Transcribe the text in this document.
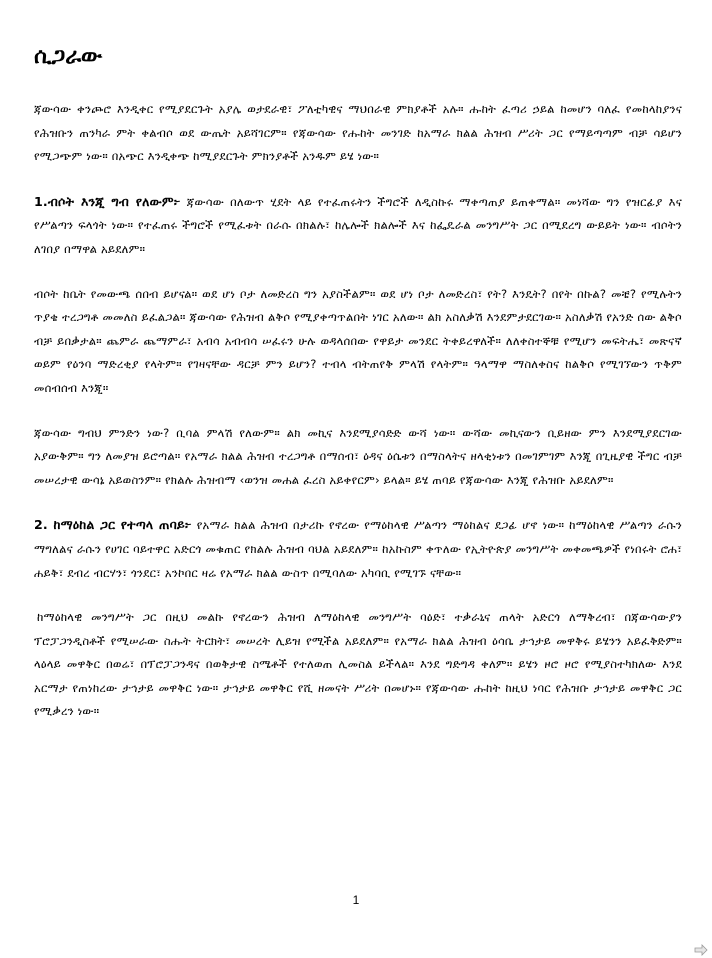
ሲጋራው

ጃውሳው ቀንጮሮ እንዲቀር የሚያደርጉት አያሌ ወታደራዊ፣ ፖለቲካዊና ማህበራዊ ምክያቶች አሉ። ሑከት ፈጣሪ ኃይል ከመሆን ባለፈ የመከላከያንና የሕዝቡን ጠንካራ ምት ቀልብሶ ወደ ውጤት አይሻገርም። የጃውሳው የሑከት መንገድ ከአማራ ክልል ሕዝብ ሥሪት ጋር የማይጣጣም ብቻ ሳይሆን የሚጋጭም ነው። በአጭር እንዲቀጭ ከሚያደርጉት ምክንያቶች አንዱም ይሄ ነው።

1.ብሶት እንጂ ግብ የለውም፦ ጃውሳው በለውጥ ሂደት ላይ የተፈጠሩትን ችግሮች ለዲስኩሩ ማቀጣጠያ ይጠቀማል። መነሻው ግን የዝርፊያ እና የሥልጣን ፍላጎት ነው። የተፈጠሩ ችግሮች የሚፈቱት በራሱ በክልሉ፣ ከሌሎች ክልሎች እና ከፌዴራል መንግሥት ጋር በሚደረግ ውይይት ነው። ብሶትን ለገበያ በማዋል አይደለም።

ብሶት ከቤት የመውጫ ሰበብ ይሆናል። ወደ ሆነ ቦታ ለመድረስ ግን አያስችልም። ወደ ሆነ ቦታ ለመድረስ፣ የት? እንዴት? በየት በኩል? መቼ? የሚሉትን ጥያቄ ተረጋግቶ መመለስ ይፈልጋል። ጃውሳው የሕዝብ ልቅሶ የሚያቀጣጥልበት ነገር አለው። ልክ አስለቃሽ እንደምታደርገው። አስለቃሽ የአንድ ሰው ልቅሶ ብቻ ይበቃታል። ጨምራ ጨማምራ፣ አብሳ አብብሳ ሠፈሩን ሁሉ ወዳላሰበው የዋይታ መንደር ትቀይረዋለች። ለለቀስተኞቹ የሚሆን መፍትሔ፣ መጽናኛ ወይም የዕንባ ማድረቂያ የላትም። የገዛናቸው ዳርቻ ምን ይሆን? ተብላ ብትጠየቅ ምላሽ የላትም። ዓላማዋ ማስለቀስና ከልቅሶ የሚገኘውን ጥቅም መሰብሰብ እንጂ።

ጃውሳው ግብህ ምንድን ነው? ቢባል ምላሽ የለውም። ልክ መኪና እንደሚያሳድድ ውሻ ነው። ውሻው መኪናውን ቢይዘው ምን እንደሚያደርገው አያውቅም። ግን ለመያዝ ይሮጣል። የአማራ ክልል ሕዝብ ተረጋግቶ በማሰብ፣ ዕዳና ዕሴቱን በማስላትና ዘላቂነቱን በመገምገም እንጂ በጊዜያዊ ችግር ብቻ መሠረታዊ ውሳኔ አይወስንም። የክልሉ ሕዝብማ ‹ወንዝ መሐል ፈረስ አይቀየርም› ይላል። ይሄ ጠባይ የጃውሳው እንጂ የሕዝቡ አይደለም።

2. ከማዕከል ጋር የተጣላ ጠባይ፦ የአማራ ክልል ሕዝብ በታሪኩ የኖረው የማዕከላዊ ሥልጣን ማዕከልና ደጋፊ ሆኖ ነው። ከማዕከላዊ ሥልጣን ራሱን ማግለልና ራሱን የሀገር ባይተዋር አድርጎ መቁጠር የክልሉ ሕዝብ ባህል አይደለም። ከአኩስም ቀጥለው የኢትዮጵያ መንግሥት መቀመጫዎች የነበሩት ሮሐ፣ ሐይቅ፣ ደብረ ብርሃን፣ ጎንደር፣ አንኮበር ዛሬ የአማራ ክልል ውስጥ በሚባለው አካባቢ የሚገኙ ናቸው።

ከማዕከላዊ መንግሥት ጋር በዚህ መልኩ የኖረውን ሕዝብ ለማዕከላዊ መንግሥት ባዕድ፣ ተቃራኒና ጠላት አድርጎ ለማቅረብ፣ በጃውሳውያን ፕሮፓጋንዲስቶች የሚሠራው ስሑት ትርክት፣ መሠረት ሊይዝ የሚችል አይደለም። የአማራ ክልል ሕዝብ ዕሳቤ ታኅታይ መዋቅሩ ይሄንን አይፈቅድም። ላዕላይ መዋቅር በወሬ፣ በፕሮፓጋንዳና በወቅታዊ ስሜቶች የተለወጠ ሊመስል ይችላል። እንደ ግድግዳ ቀለም። ይሄን ዞሮ ዞሮ የሚያስተካክለው እንደ አርማታ የጠነከረው ታኅታይ መዋቅር ነው። ታኅታይ መዋቅር የሺ ዘመናት ሥሪት በመሆኑ። የጃውሳው ሑከት ከዚህ ነባር የሕዝቡ ታኅታይ መዋቅር ጋር የሚቃረን ነው።

1
